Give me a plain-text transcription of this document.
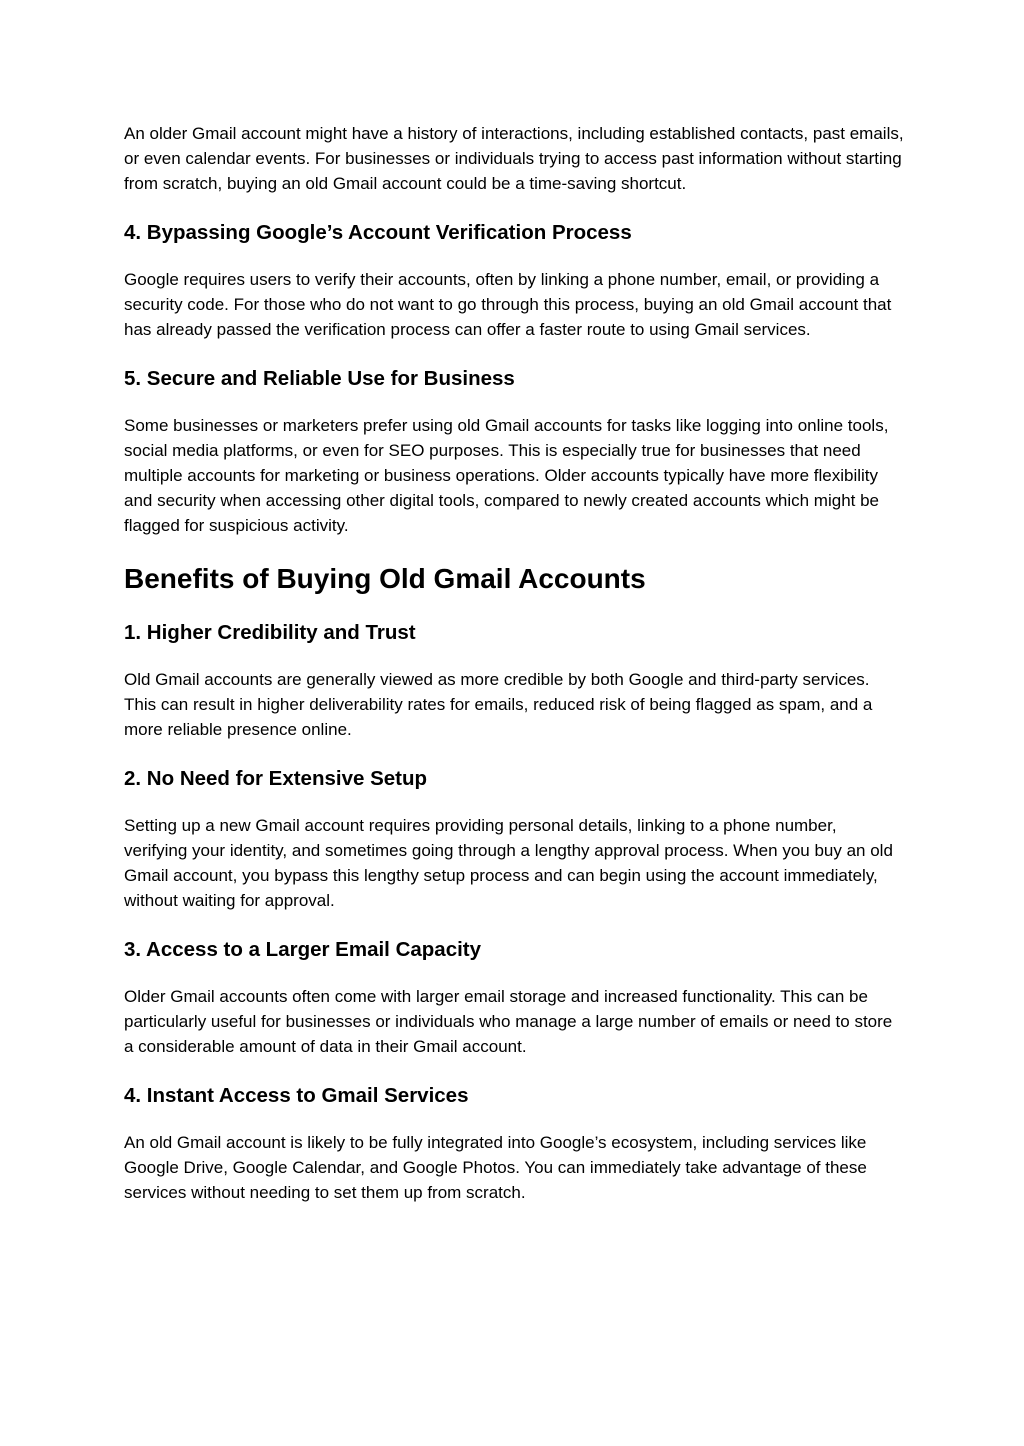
An older Gmail account might have a history of interactions, including established contacts, past emails, or even calendar events. For businesses or individuals trying to access past information without starting from scratch, buying an old Gmail account could be a time-saving shortcut.

4. Bypassing Google’s Account Verification Process

Google requires users to verify their accounts, often by linking a phone number, email, or providing a security code. For those who do not want to go through this process, buying an old Gmail account that has already passed the verification process can offer a faster route to using Gmail services.

5. Secure and Reliable Use for Business

Some businesses or marketers prefer using old Gmail accounts for tasks like logging into online tools, social media platforms, or even for SEO purposes. This is especially true for businesses that need multiple accounts for marketing or business operations. Older accounts typically have more flexibility and security when accessing other digital tools, compared to newly created accounts which might be flagged for suspicious activity.

Benefits of Buying Old Gmail Accounts
1. Higher Credibility and Trust

Old Gmail accounts are generally viewed as more credible by both Google and third-party services. This can result in higher deliverability rates for emails, reduced risk of being flagged as spam, and a more reliable presence online.

2. No Need for Extensive Setup

Setting up a new Gmail account requires providing personal details, linking to a phone number, verifying your identity, and sometimes going through a lengthy approval process. When you buy an old Gmail account, you bypass this lengthy setup process and can begin using the account immediately, without waiting for approval.

3. Access to a Larger Email Capacity

Older Gmail accounts often come with larger email storage and increased functionality. This can be particularly useful for businesses or individuals who manage a large number of emails or need to store a considerable amount of data in their Gmail account.

4. Instant Access to Gmail Services

An old Gmail account is likely to be fully integrated into Google’s ecosystem, including services like Google Drive, Google Calendar, and Google Photos. You can immediately take advantage of these services without needing to set them up from scratch.
